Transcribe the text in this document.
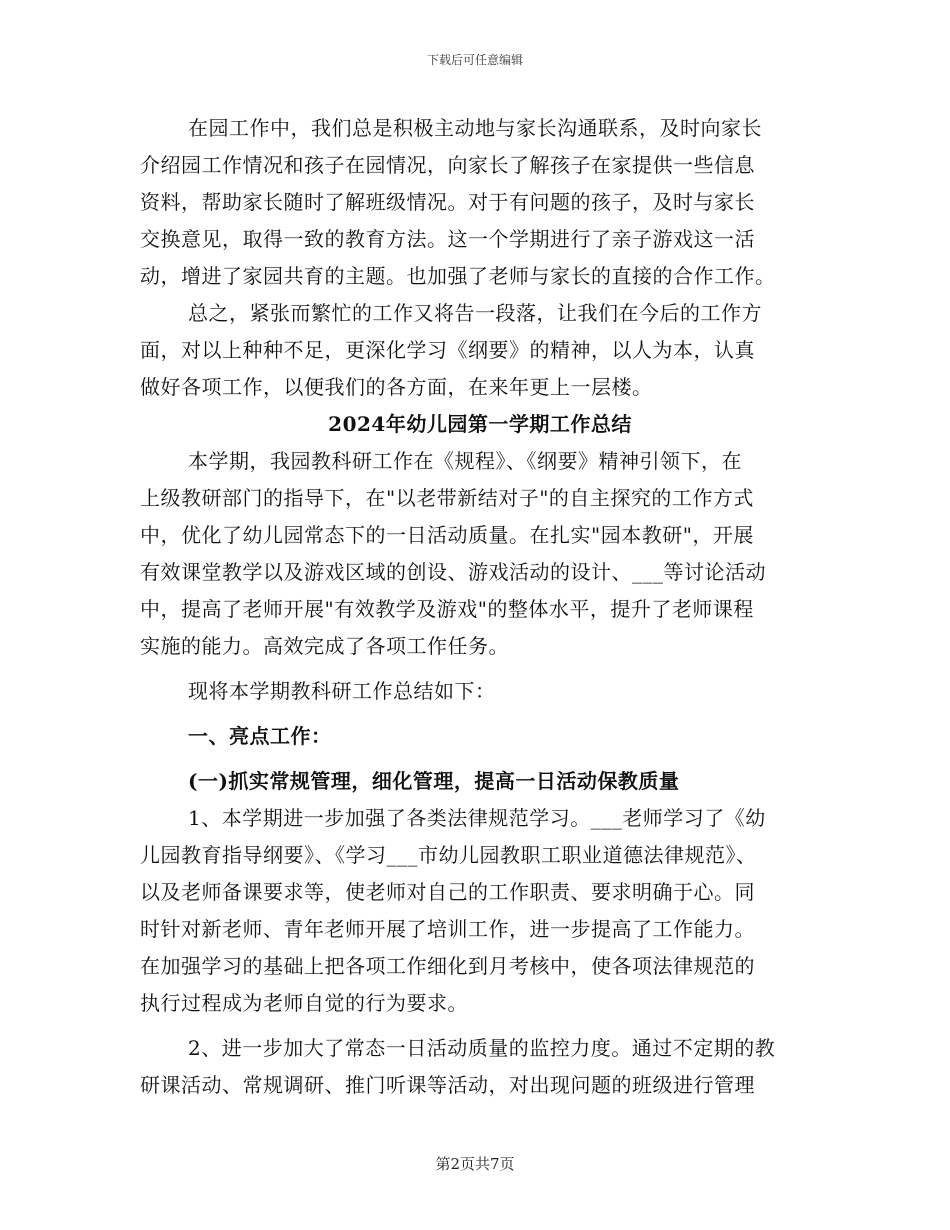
下载后可任意编辑
在园工作中，我们总是积极主动地与家长沟通联系，及时向家长
介绍园工作情况和孩子在园情况，向家长了解孩子在家提供一些信息
资料，帮助家长随时了解班级情况。对于有问题的孩子，及时与家长
交换意见，取得一致的教育方法。这一个学期进行了亲子游戏这一活
动，增进了家园共育的主题。也加强了老师与家长的直接的合作工作。
总之，紧张而繁忙的工作又将告一段落，让我们在今后的工作方
面，对以上种种不足，更深化学习《纲要》的精神，以人为本，认真
做好各项工作，以便我们的各方面，在来年更上一层楼。
2024年幼儿园第一学期工作总结
本学期，我园教科研工作在《规程》、《纲要》精神引领下，在
上级教研部门的指导下，在"以老带新结对子"的自主探究的工作方式
中，优化了幼儿园常态下的一日活动质量。在扎实"园本教研"，开展
有效课堂教学以及游戏区域的创设、游戏活动的设计、___等讨论活动
中，提高了老师开展"有效教学及游戏"的整体水平，提升了老师课程
实施的能力。高效完成了各项工作任务。
现将本学期教科研工作总结如下：
一、亮点工作：
(一)抓实常规管理，细化管理，提高一日活动保教质量
1、本学期进一步加强了各类法律规范学习。___老师学习了《幼
儿园教育指导纲要》、《学习___市幼儿园教职工职业道德法律规范》、
以及老师备课要求等，使老师对自己的工作职责、要求明确于心。同
时针对新老师、青年老师开展了培训工作，进一步提高了工作能力。
在加强学习的基础上把各项工作细化到月考核中，使各项法律规范的
执行过程成为老师自觉的行为要求。
2、进一步加大了常态一日活动质量的监控力度。通过不定期的教
研课活动、常规调研、推门听课等活动，对出现问题的班级进行管理
第2页共7页
